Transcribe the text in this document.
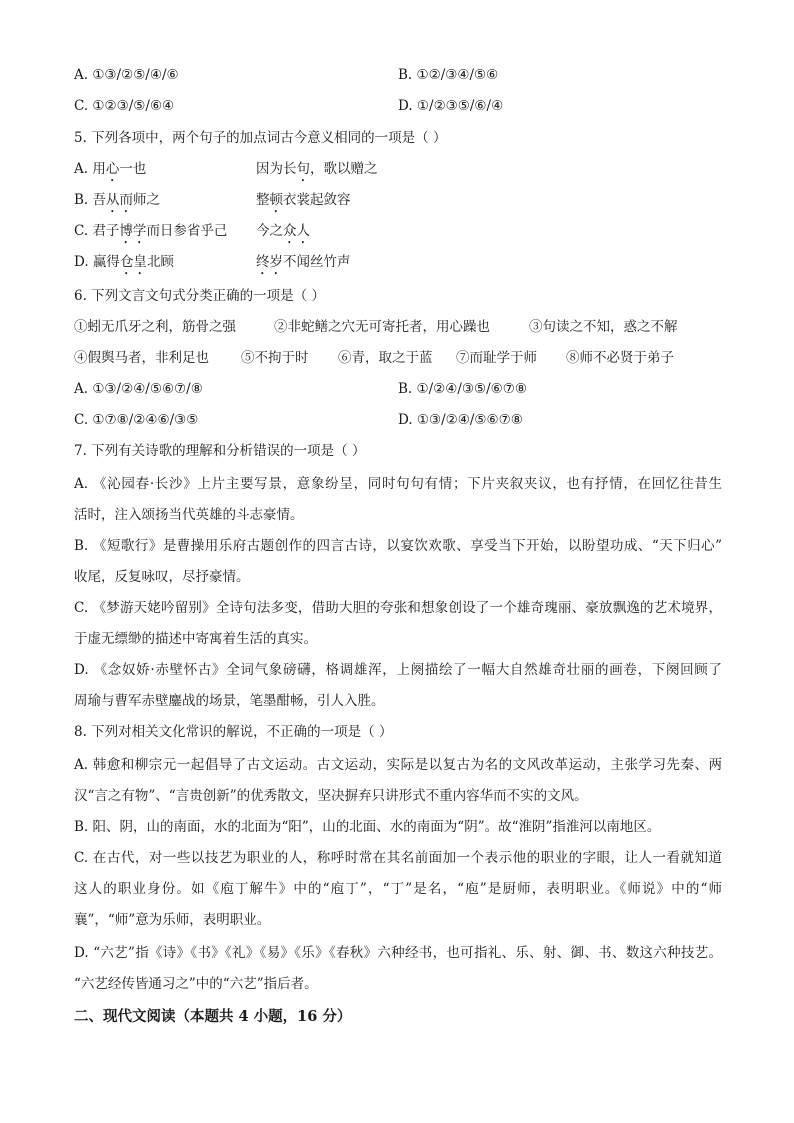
A. ①③/②⑤/④/⑥	B. ①②/③④/⑤⑥
C. ①②③/⑤/⑥④	D. ①/②③⑤/⑥/④
5. 下列各项中，两个句子的加点词古今意义相同的一项是（ ）
A. 用心一也	因为长句，歌以赠之
B. 吾从而师之	整顿衣裳起敛容
C. 君子博学而日参省乎己 今之众人
D. 赢得仓皇北顾	终岁不闻丝竹声
6. 下列文言文句式分类正确的一项是（ ）
①蚓无爪牙之利，筋骨之强	②非蛇鳝之穴无可寄托者，用心躁也	③句读之不知，惑之不解
④假舆马者，非利足也 ⑤不拘于时 ⑥青，取之于蓝 ⑦而耻学于师 ⑧师不必贤于弟子
A. ①③/②④/⑤⑥⑦/⑧	B. ①/②④/③⑤/⑥⑦⑧
C. ①⑦⑧/②④⑥/③⑤	D. ①③/②④/⑤⑥⑦⑧
7. 下列有关诗歌的理解和分析错误的一项是（ ）
A. 《沁园春·长沙》上片主要写景，意象纷呈，同时句句有情；下片夹叙夹议，也有抒情，在回忆往昔生
活时，注入颂扬当代英雄的斗志豪情。
B. 《短歌行》是曹操用乐府古题创作的四言古诗，以宴饮欢歌、享受当下开始，以盼望功成、“天下归心”
收尾，反复咏叹，尽抒豪情。
C. 《梦游天姥吟留别》全诗句法多变，借助大胆的夸张和想象创设了一个雄奇瑰丽、豪放飘逸的艺术境界，
于虚无缥缈的描述中寄寓着生活的真实。
D. 《念奴娇·赤壁怀古》全词气象磅礴，格调雄浑，上阕描绘了一幅大自然雄奇壮丽的画卷，下阕回顾了
周瑜与曹军赤壁鏖战的场景，笔墨酣畅，引人入胜。
8. 下列对相关文化常识的解说，不正确的一项是（ ）
A. 韩愈和柳宗元一起倡导了古文运动。古文运动，实际是以复古为名的文风改革运动，主张学习先秦、两
汉“言之有物”、“言贵创新”的优秀散文，坚决摒弃只讲形式不重内容华而不实的文风。
B. 阳、阴，山的南面，水的北面为“阳”，山的北面、水的南面为“阴”。故“淮阴”指淮河以南地区。
C. 在古代，对一些以技艺为职业的人，称呼时常在其名前面加一个表示他的职业的字眼，让人一看就知道
这人的职业身份。如《庖丁解牛》中的“庖丁”，“丁”是名，“庖”是厨师，表明职业。《师说》中的“师
襄”，“师”意为乐师，表明职业。
D. “六艺”指《诗》《书》《礼》《易》《乐》《春秋》六种经书，也可指礼、乐、射、御、书、数这六种技艺。
“六艺经传皆通习之”中的“六艺”指后者。
二、现代文阅读（本题共 4 小题，16 分）
